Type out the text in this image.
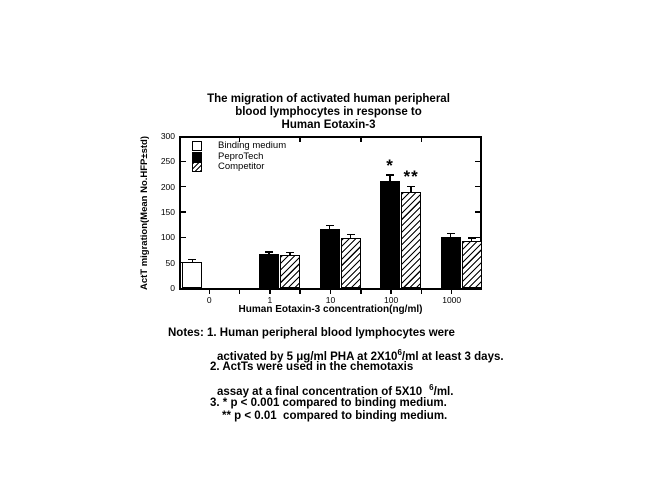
The migration of activated human peripheral
blood lymphocytes in response to
Human Eotaxin-3
ActT migration(Mean No.HFP±std)	Binding medium
PeproTech
Competitor
0
50
100
150
200
250
300
0	1	10	100	1000
*
**
Human Eotaxin-3 concentration(ng/ml)
Notes: 1. Human peripheral blood lymphocytes were
activated by 5 μg/ml PHA at $2X10^6/ml$ at least 3 days.
2. ActTs were used in the chemotaxis
assay at a final concentration of 5X10 $^6$/ml.
3. * p < 0.001 compared to binding medium.
** p < 0.01  compared to binding medium.
